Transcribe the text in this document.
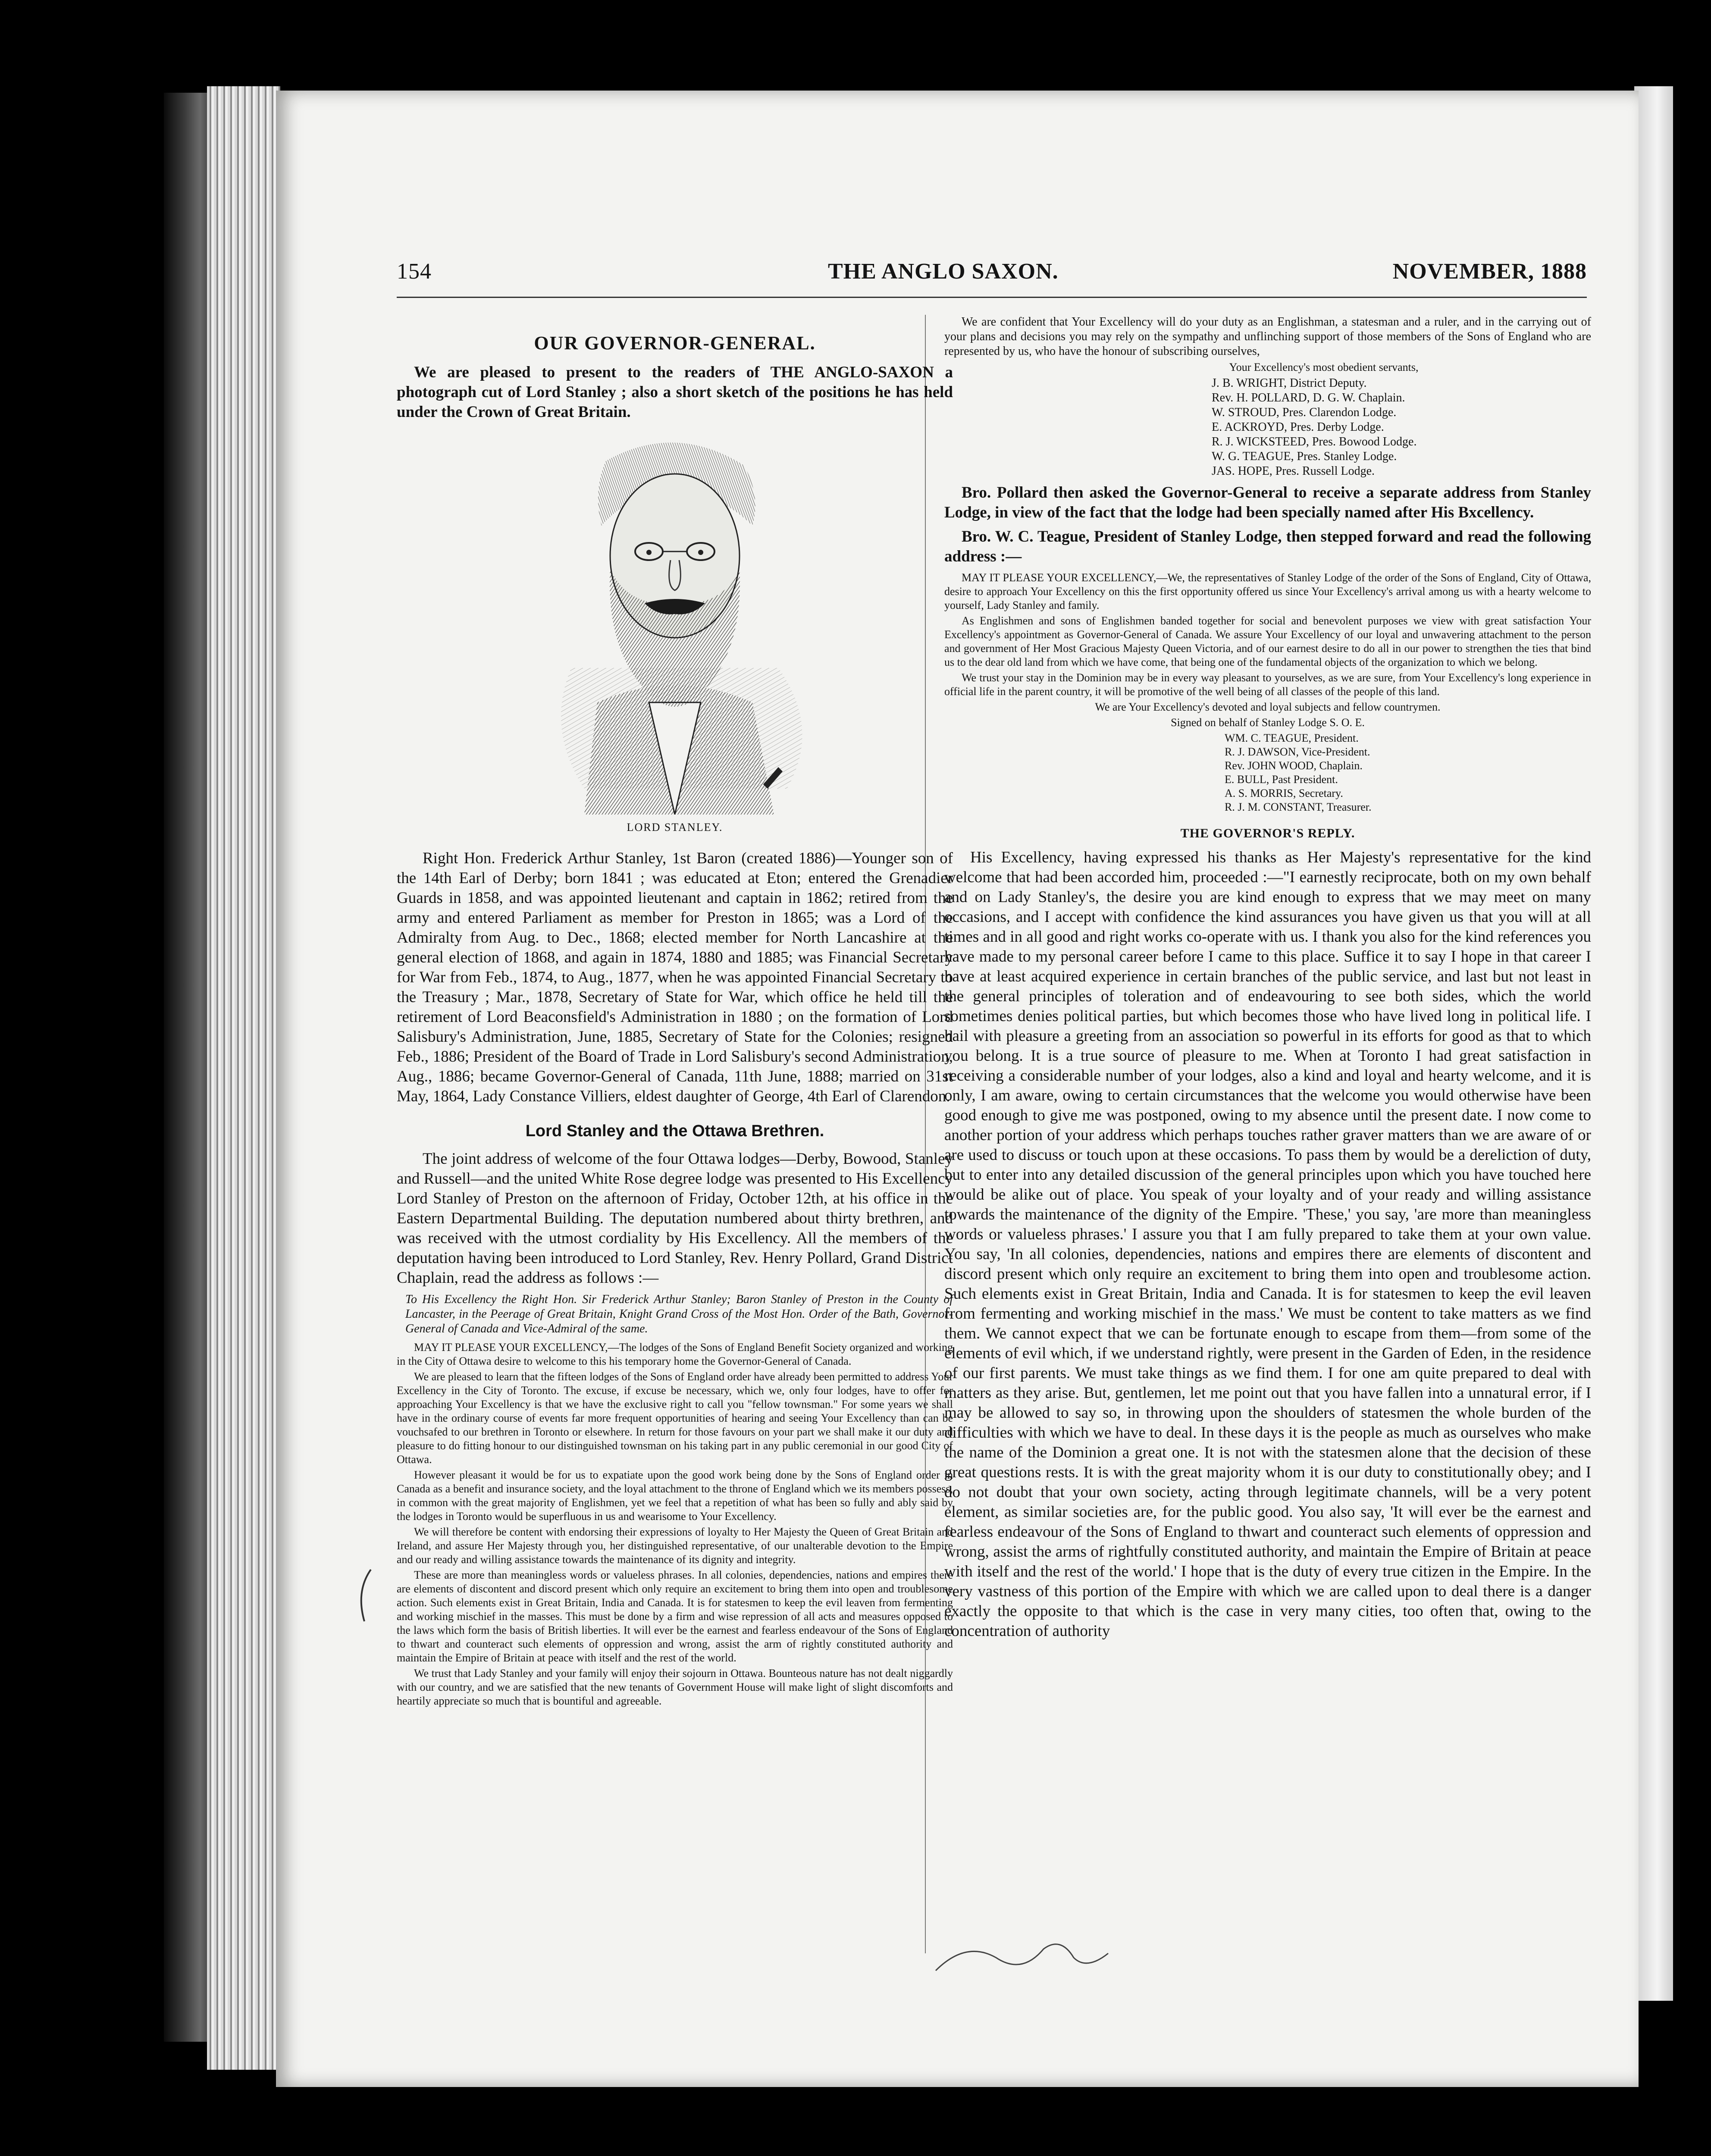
154	THE ANGLO SAXON.	NOVEMBER, 1888
OUR GOVERNOR-GENERAL.

We are pleased to present to the readers of THE ANGLO-SAXON a photograph cut of Lord Stanley ; also a short sketch of the positions he has held under the Crown of Great Britain.

LORD STANLEY.

Right Hon. Frederick Arthur Stanley, 1st Baron (created 1886)—Younger son of the 14th Earl of Derby; born 1841 ; was educated at Eton; entered the Grenadier Guards in 1858, and was appointed lieutenant and captain in 1862; retired from the army and entered Parliament as member for Preston in 1865; was a Lord of the Admiralty from Aug. to Dec., 1868; elected member for North Lancashire at the general election of 1868, and again in 1874, 1880 and 1885; was Financial Secretary for War from Feb., 1874, to Aug., 1877, when he was appointed Financial Secretary to the Treasury ; Mar., 1878, Secretary of State for War, which office he held till the retirement of Lord Beaconsfield's Administration in 1880 ; on the formation of Lord Salisbury's Administration, June, 1885, Secretary of State for the Colonies; resigned Feb., 1886; President of the Board of Trade in Lord Salisbury's second Administration, Aug., 1886; became Governor-General of Canada, 11th June, 1888; married on 31st May, 1864, Lady Constance Villiers, eldest daughter of George, 4th Earl of Clarendon.

Lord Stanley and the Ottawa Brethren.

The joint address of welcome of the four Ottawa lodges—Derby, Bowood, Stanley and Russell—and the united White Rose degree lodge was presented to His Excellency Lord Stanley of Preston on the afternoon of Friday, October 12th, at his office in the Eastern Departmental Building. The deputation numbered about thirty brethren, and was received with the utmost cordiality by His Excellency. All the members of the deputation having been introduced to Lord Stanley, Rev. Henry Pollard, Grand District Chaplain, read the address as follows :—

To His Excellency the Right Hon. Sir Frederick Arthur Stanley; Baron Stanley of Preston in the County of Lancaster, in the Peerage of Great Britain, Knight Grand Cross of the Most Hon. Order of the Bath, Governor-General of Canada and Vice-Admiral of the same.

MAY IT PLEASE YOUR EXCELLENCY,—The lodges of the Sons of England Benefit Society organized and working in the City of Ottawa desire to welcome to this his temporary home the Governor-General of Canada.

We are pleased to learn that the fifteen lodges of the Sons of England order have already been permitted to address Your Excellency in the City of Toronto. The excuse, if excuse be necessary, which we, only four lodges, have to offer for approaching Your Excellency is that we have the exclusive right to call you "fellow townsman." For some years we shall have in the ordinary course of events far more frequent opportunities of hearing and seeing Your Excellency than can be vouchsafed to our brethren in Toronto or elsewhere. In return for those favours on your part we shall make it our duty and pleasure to do fitting honour to our distinguished townsman on his taking part in any public ceremonial in our good City of Ottawa.

However pleasant it would be for us to expatiate upon the good work being done by the Sons of England order in Canada as a benefit and insurance society, and the loyal attachment to the throne of England which we its members possess, in common with the great majority of Englishmen, yet we feel that a repetition of what has been so fully and ably said by the lodges in Toronto would be superfluous in us and wearisome to Your Excellency.

We will therefore be content with endorsing their expressions of loyalty to Her Majesty the Queen of Great Britain and Ireland, and assure Her Majesty through you, her distinguished representative, of our unalterable devotion to the Empire and our ready and willing assistance towards the maintenance of its dignity and integrity.

These are more than meaningless words or valueless phrases. In all colonies, dependencies, nations and empires there are elements of discontent and discord present which only require an excitement to bring them into open and troublesome action. Such elements exist in Great Britain, India and Canada. It is for statesmen to keep the evil leaven from fermenting and working mischief in the masses. This must be done by a firm and wise repression of all acts and measures opposed to the laws which form the basis of British liberties. It will ever be the earnest and fearless endeavour of the Sons of England to thwart and counteract such elements of oppression and wrong, assist the arm of rightly constituted authority and maintain the Empire of Britain at peace with itself and the rest of the world.

We trust that Lady Stanley and your family will enjoy their sojourn in Ottawa. Bounteous nature has not dealt niggardly with our country, and we are satisfied that the new tenants of Government House will make light of slight discomforts and heartily appreciate so much that is bountiful and agreeable.

We are confident that Your Excellency will do your duty as an Englishman, a statesman and a ruler, and in the carrying out of your plans and decisions you may rely on the sympathy and unflinching support of those members of the Sons of England who are represented by us, who have the honour of subscribing ourselves,

Your Excellency's most obedient servants,
J. B. WRIGHT, District Deputy.
Rev. H. POLLARD, D. G. W. Chaplain.
W. STROUD, Pres. Clarendon Lodge.
E. ACKROYD, Pres. Derby Lodge.
R. J. WICKSTEED, Pres. Bowood Lodge.
W. G. TEAGUE, Pres. Stanley Lodge.
JAS. HOPE, Pres. Russell Lodge.

Bro. Pollard then asked the Governor-General to receive a separate address from Stanley Lodge, in view of the fact that the lodge had been specially named after His Bxcellency.

Bro. W. C. Teague, President of Stanley Lodge, then stepped forward and read the following address :—

MAY IT PLEASE YOUR EXCELLENCY,—We, the representatives of Stanley Lodge of the order of the Sons of England, City of Ottawa, desire to approach Your Excellency on this the first opportunity offered us since Your Excellency's arrival among us with a hearty welcome to yourself, Lady Stanley and family.

As Englishmen and sons of Englishmen banded together for social and benevolent purposes we view with great satisfaction Your Excellency's appointment as Governor-General of Canada. We assure Your Excellency of our loyal and unwavering attachment to the person and government of Her Most Gracious Majesty Queen Victoria, and of our earnest desire to do all in our power to strengthen the ties that bind us to the dear old land from which we have come, that being one of the fundamental objects of the organization to which we belong.

We trust your stay in the Dominion may be in every way pleasant to yourselves, as we are sure, from Your Excellency's long experience in official life in the parent country, it will be promotive of the well being of all classes of the people of this land.

We are Your Excellency's devoted and loyal subjects and fellow countrymen.
Signed on behalf of Stanley Lodge S. O. E.
WM. C. TEAGUE, President.
R. J. DAWSON, Vice-President.
Rev. JOHN WOOD, Chaplain.
E. BULL, Past President.
A. S. MORRIS, Secretary.
R. J. M. CONSTANT, Treasurer.
THE GOVERNOR'S REPLY.

His Excellency, having expressed his thanks as Her Majesty's representative for the kind welcome that had been accorded him, proceeded :—"I earnestly reciprocate, both on my own behalf and on Lady Stanley's, the desire you are kind enough to express that we may meet on many occasions, and I accept with confidence the kind assurances you have given us that you will at all times and in all good and right works co-operate with us. I thank you also for the kind references you have made to my personal career before I came to this place. Suffice it to say I hope in that career I have at least acquired experience in certain branches of the public service, and last but not least in the general principles of toleration and of endeavouring to see both sides, which the world sometimes denies political parties, but which becomes those who have lived long in political life. I hail with pleasure a greeting from an association so powerful in its efforts for good as that to which you belong. It is a true source of pleasure to me. When at Toronto I had great satisfaction in receiving a considerable number of your lodges, also a kind and loyal and hearty welcome, and it is only, I am aware, owing to certain circumstances that the welcome you would otherwise have been good enough to give me was postponed, owing to my absence until the present date. I now come to another portion of your address which perhaps touches rather graver matters than we are aware of or are used to discuss or touch upon at these occasions. To pass them by would be a dereliction of duty, but to enter into any detailed discussion of the general principles upon which you have touched here would be alike out of place. You speak of your loyalty and of your ready and willing assistance towards the maintenance of the dignity of the Empire. 'These,' you say, 'are more than meaningless words or valueless phrases.' I assure you that I am fully prepared to take them at your own value. You say, 'In all colonies, dependencies, nations and empires there are elements of discontent and discord present which only require an excitement to bring them into open and troublesome action. Such elements exist in Great Britain, India and Canada. It is for statesmen to keep the evil leaven from fermenting and working mischief in the mass.' We must be content to take matters as we find them. We cannot expect that we can be fortunate enough to escape from them—from some of the elements of evil which, if we understand rightly, were present in the Garden of Eden, in the residence of our first parents. We must take things as we find them. I for one am quite prepared to deal with matters as they arise. But, gentlemen, let me point out that you have fallen into a unnatural error, if I may be allowed to say so, in throwing upon the shoulders of statesmen the whole burden of the difficulties with which we have to deal. In these days it is the people as much as ourselves who make the name of the Dominion a great one. It is not with the statesmen alone that the decision of these great questions rests. It is with the great majority whom it is our duty to constitutionally obey; and I do not doubt that your own society, acting through legitimate channels, will be a very potent element, as similar societies are, for the public good. You also say, 'It will ever be the earnest and fearless endeavour of the Sons of England to thwart and counteract such elements of oppression and wrong, assist the arms of rightfully constituted authority, and maintain the Empire of Britain at peace with itself and the rest of the world.' I hope that is the duty of every true citizen in the Empire. In the very vastness of this portion of the Empire with which we are called upon to deal there is a danger exactly the opposite to that which is the case in very many cities, too often that, owing to the concentration of authority
